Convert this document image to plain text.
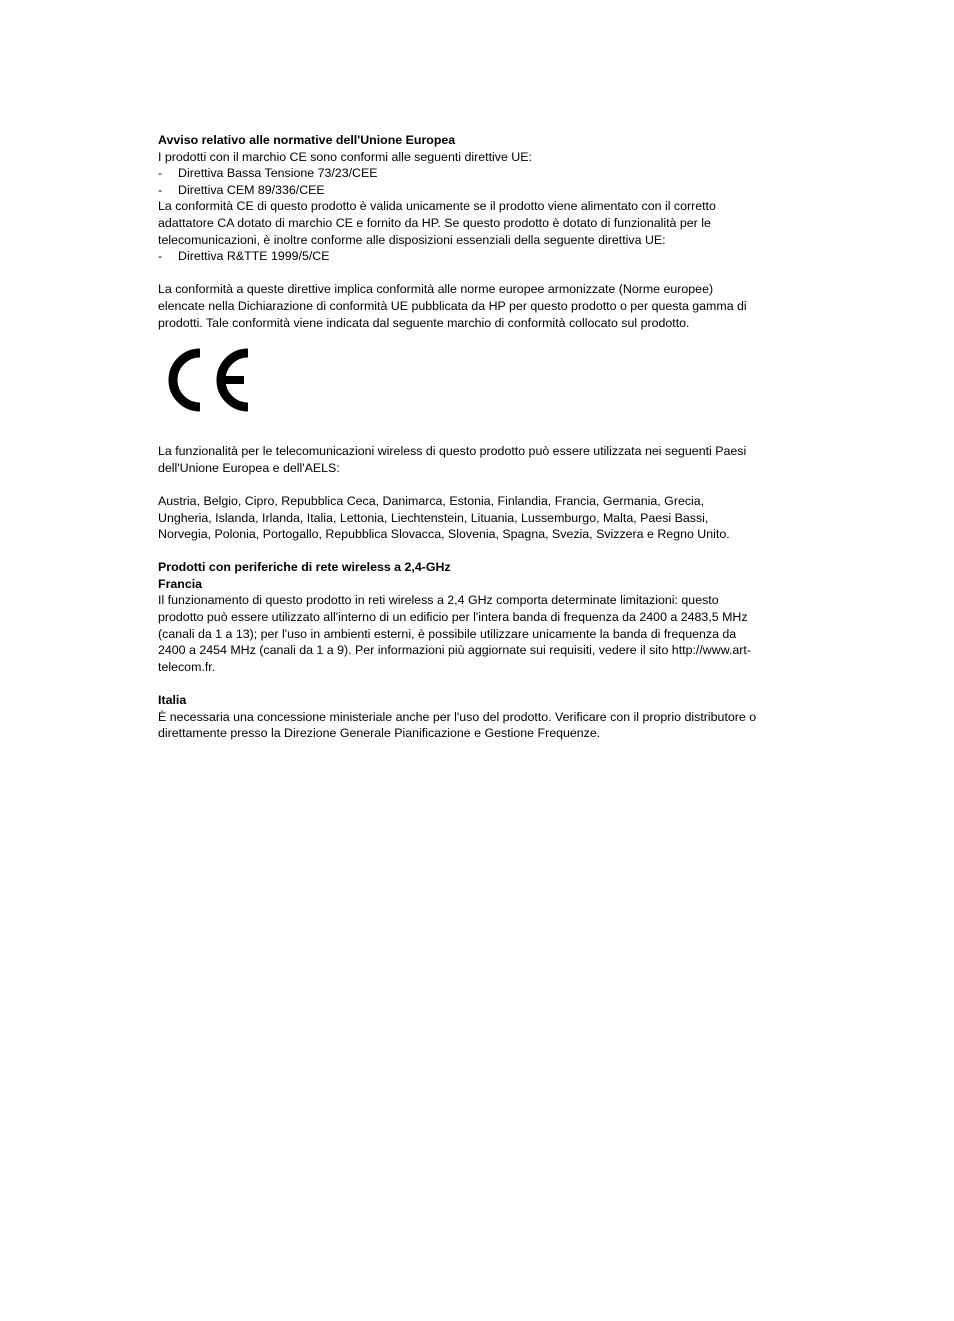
Avviso relativo alle normative dell'Unione Europea

I prodotti con il marchio CE sono conformi alle seguenti direttive UE:

-	Direttiva Bassa Tensione 73/23/CEE
-	Direttiva CEM 89/336/CEE

La conformità CE di questo prodotto è valida unicamente se il prodotto viene alimentato con il corretto adattatore CA dotato di marchio CE e fornito da HP. Se questo prodotto è dotato di funzionalità per le telecomunicazioni, è inoltre conforme alle disposizioni essenziali della seguente direttiva UE:

-	Direttiva R&TTE 1999/5/CE

La conformità a queste direttive implica conformità alle norme europee armonizzate (Norme europee) elencate nella Dichiarazione di conformità UE pubblicata da HP per questo prodotto o per questa gamma di prodotti. Tale conformità viene indicata dal seguente marchio di conformità collocato sul prodotto.

La funzionalità per le telecomunicazioni wireless di questo prodotto può essere utilizzata nei seguenti Paesi dell'Unione Europea e dell'AELS:

Austria, Belgio, Cipro, Repubblica Ceca, Danimarca, Estonia, Finlandia, Francia, Germania, Grecia, Ungheria, Islanda, Irlanda, Italia, Lettonia, Liechtenstein, Lituania, Lussemburgo, Malta, Paesi Bassi, Norvegia, Polonia, Portogallo, Repubblica Slovacca, Slovenia, Spagna, Svezia, Svizzera e Regno Unito.

Prodotti con periferiche di rete wireless a 2,4-GHz

Francia

Il funzionamento di questo prodotto in reti wireless a 2,4 GHz comporta determinate limitazioni: questo prodotto può essere utilizzato all'interno di un edificio per l'intera banda di frequenza da 2400 a 2483,5 MHz (canali da 1 a 13); per l'uso in ambienti esterni, è possibile utilizzare unicamente la banda di frequenza da 2400 a 2454 MHz (canali da 1 a 9). Per informazioni più aggiornate sui requisiti, vedere il sito http://www.art-telecom.fr.

Italia

È necessaria una concessione ministeriale anche per l'uso del prodotto. Verificare con il proprio distributore o direttamente presso la Direzione Generale Pianificazione e Gestione Frequenze.
